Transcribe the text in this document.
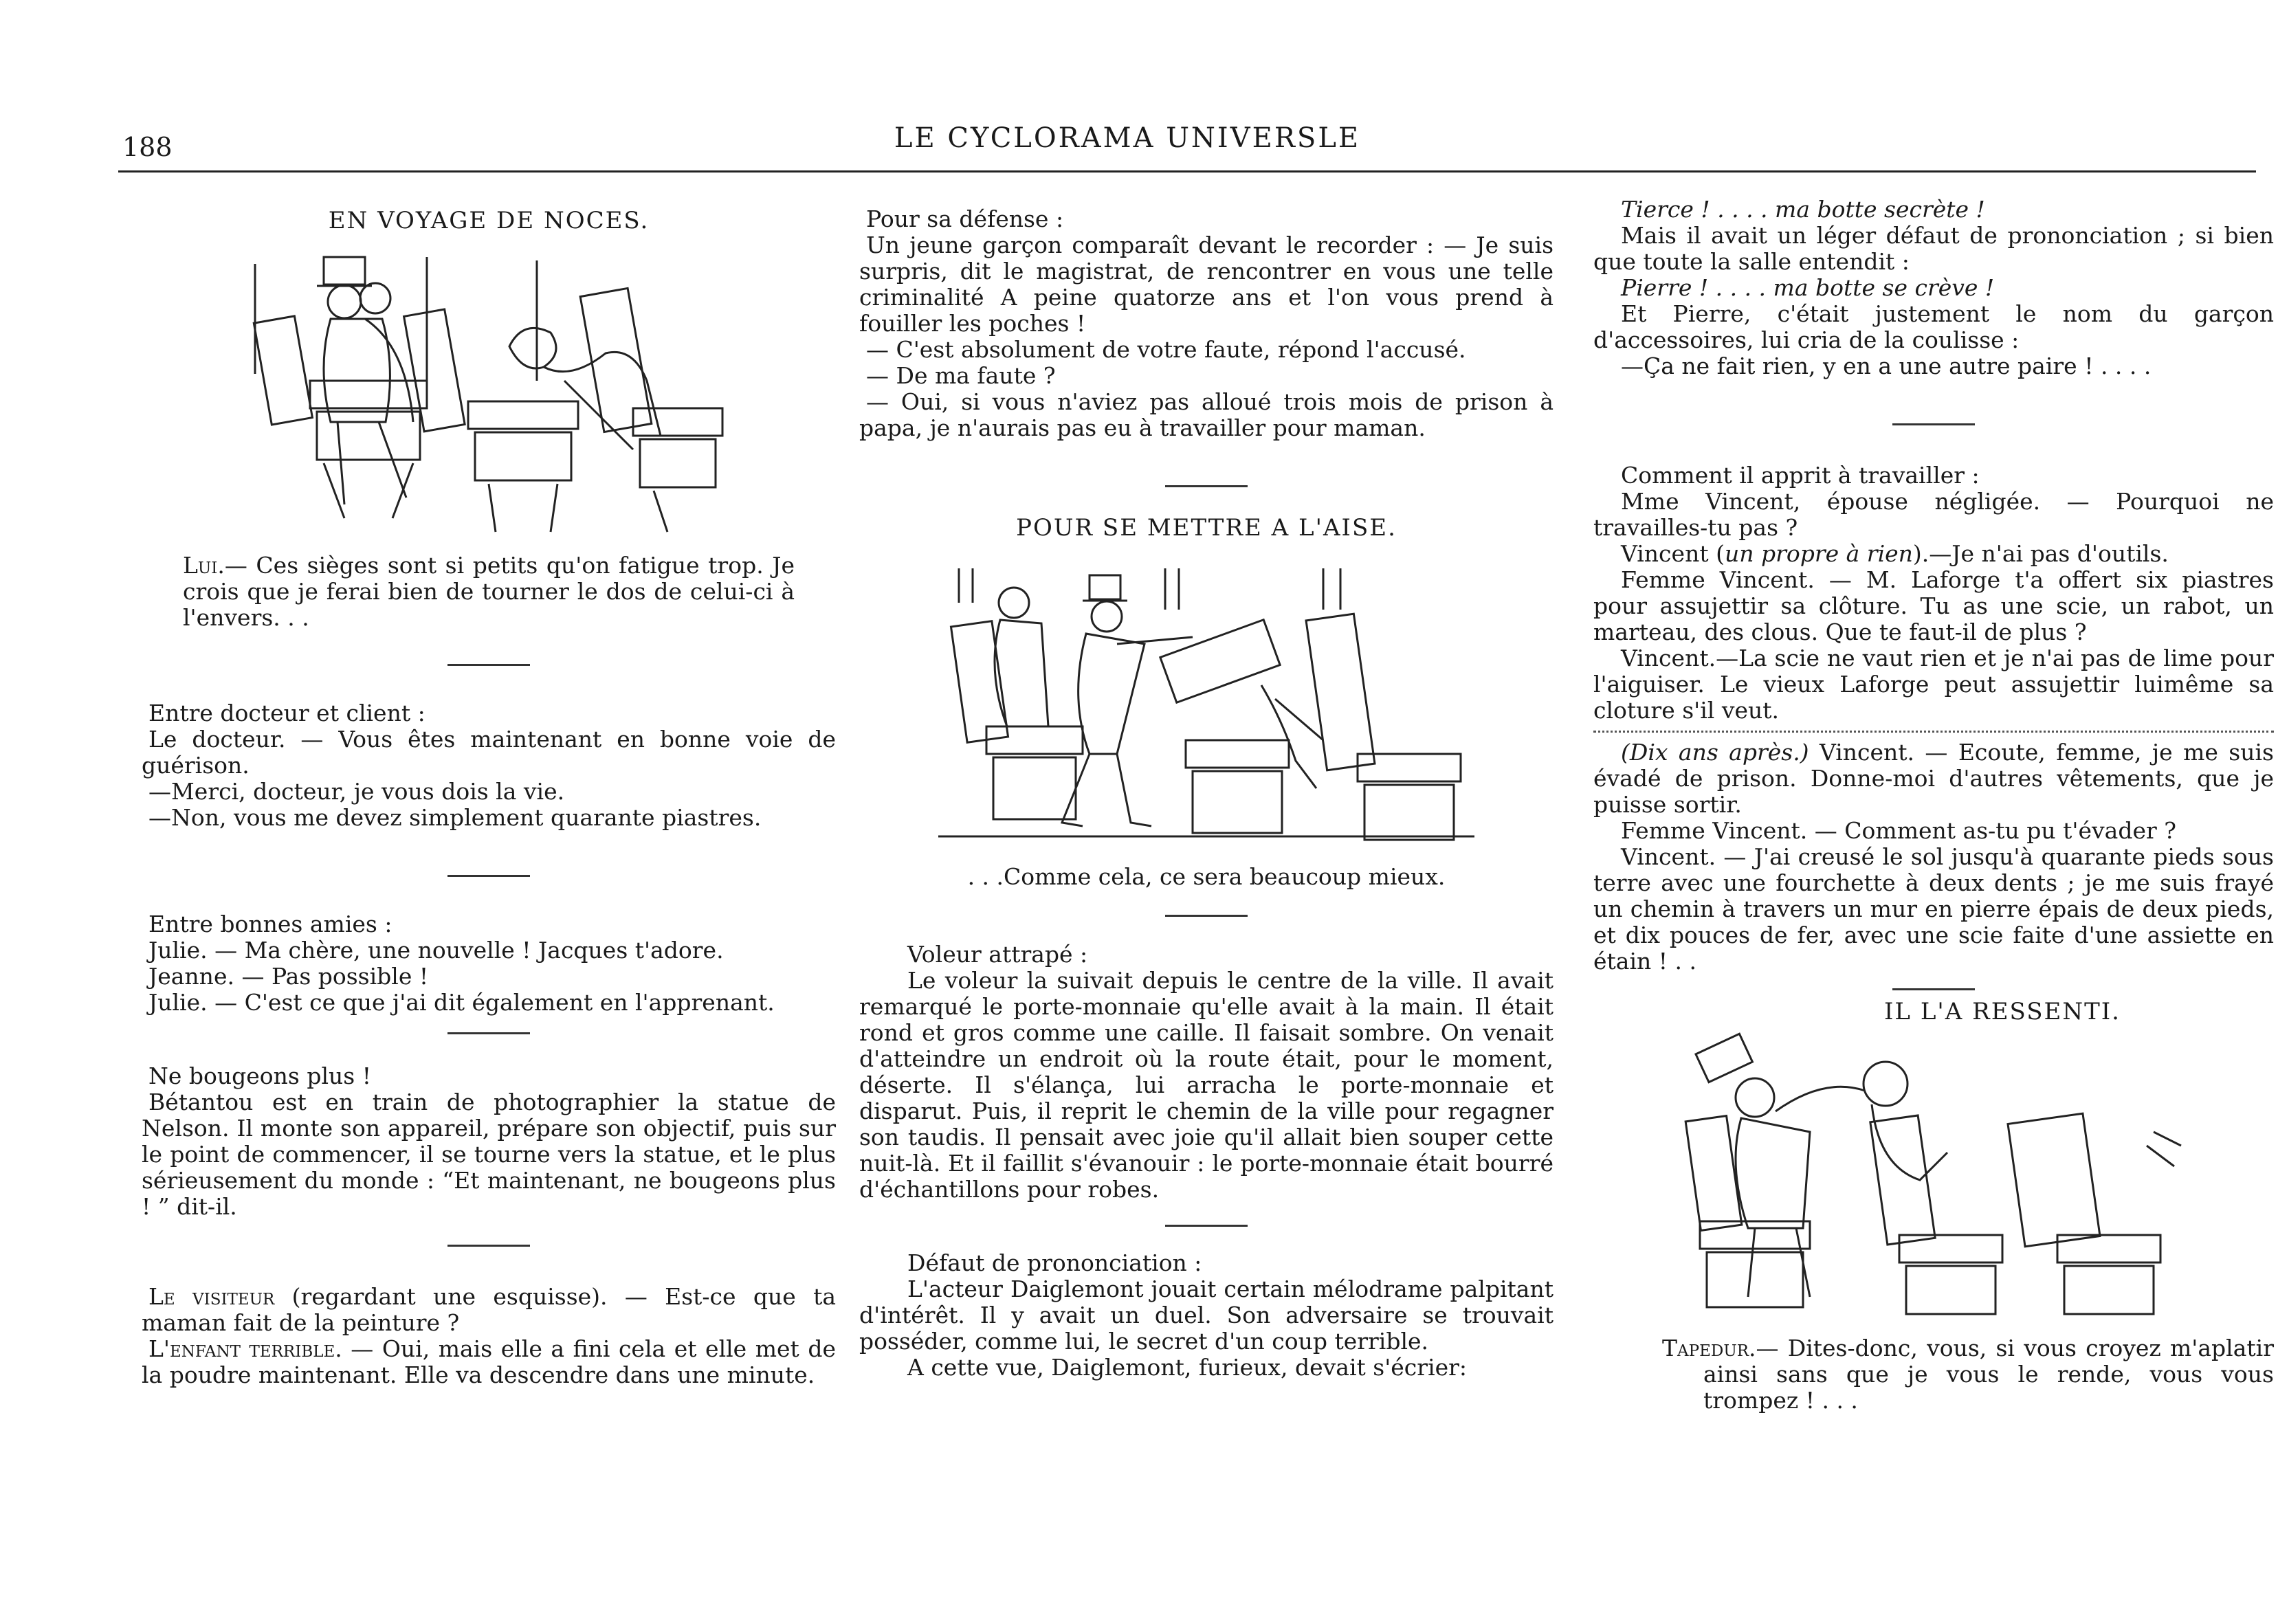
188	LE CYCLORAMA UNIVERSLE

EN VOYAGE DE NOCES.

Lui.— Ces sièges sont si petits qu'on fatigue trop. Je crois que je ferai bien de tourner le dos de celui-ci à l'envers. . .

Entre docteur et client :

Le docteur. — Vous êtes maintenant en bonne voie de guérison.

—Merci, docteur, je vous dois la vie.

—Non, vous me devez simplement quarante piastres.

Entre bonnes amies :

Julie. — Ma chère, une nouvelle ! Jacques t'adore.

Jeanne. — Pas possible !

Julie. — C'est ce que j'ai dit également en l'apprenant.

Ne bougeons plus !

Bétantou est en train de photographier la statue de Nelson. Il monte son appareil, prépare son objectif, puis sur le point de commencer, il se tourne vers la statue, et le plus sérieusement du monde : “Et maintenant, ne bougeons plus ! ” dit-il.

Le visiteur (regardant une esquisse). — Est-ce que ta maman fait de la peinture ?

L'enfant terrible. — Oui, mais elle a fini cela et elle met de la poudre maintenant. Elle va descendre dans une minute.

Pour sa défense :

Un jeune garçon comparaît devant le recorder : — Je suis surpris, dit le magistrat, de rencontrer en vous une telle criminalité A peine quatorze ans et l'on vous prend à fouiller les poches !

— C'est absolument de votre faute, répond l'accusé.

— De ma faute ?

— Oui, si vous n'aviez pas alloué trois mois de prison à papa, je n'aurais pas eu à travailler pour maman.

POUR SE METTRE A L'AISE.

. . .Comme cela, ce sera beaucoup mieux.

Voleur attrapé :

Le voleur la suivait depuis le centre de la ville. Il avait remarqué le porte-monnaie qu'elle avait à la main. Il était rond et gros comme une caille. Il faisait sombre. On venait d'atteindre un endroit où la route était, pour le moment, déserte. Il s'élança, lui arracha le porte-monnaie et disparut. Puis, il reprit le chemin de la ville pour regagner son taudis. Il pensait avec joie qu'il allait bien souper cette nuit-là. Et il faillit s'évanouir : le porte-monnaie était bourré d'échantillons pour robes.

Défaut de prononciation :

L'acteur Daiglemont jouait certain mélodrame palpitant d'intérêt. Il y avait un duel. Son adversaire se trouvait posséder, comme lui, le secret d'un coup terrible.

A cette vue, Daiglemont, furieux, devait s'écrier:

Tierce ! . . . . ma botte secrète !

Mais il avait un léger défaut de prononciation ; si bien que toute la salle entendit :

Pierre ! . . . . ma botte se crève !

Et Pierre, c'était justement le nom du garçon d'accessoires, lui cria de la coulisse :

—Ça ne fait rien, y en a une autre paire ! . . . .

Comment il apprit à travailler :

Mme Vincent, épouse négligée. — Pourquoi ne travailles-tu pas ?

Vincent (un propre à rien).—Je n'ai pas d'outils.

Femme Vincent. — M. Laforge t'a offert six piastres pour assujettir sa clôture. Tu as une scie, un rabot, un marteau, des clous. Que te faut-il de plus ?

Vincent.—La scie ne vaut rien et je n'ai pas de lime pour l'aiguiser. Le vieux Laforge peut assujettir luimême sa cloture s'il veut.

(Dix ans après.) Vincent. — Ecoute, femme, je me suis évadé de prison. Donne-moi d'autres vêtements, que je puisse sortir.

Femme Vincent. — Comment as-tu pu t'évader ?

Vincent. — J'ai creusé le sol jusqu'à quarante pieds sous terre avec une fourchette à deux dents ; je me suis frayé un chemin à travers un mur en pierre épais de deux pieds, et dix pouces de fer, avec une scie faite d'une assiette en étain ! . .

IL L'A RESSENTI.

Tapedur.— Dites-donc, vous, si vous croyez m'aplatir ainsi sans que je vous le rende, vous vous trompez ! . . .
